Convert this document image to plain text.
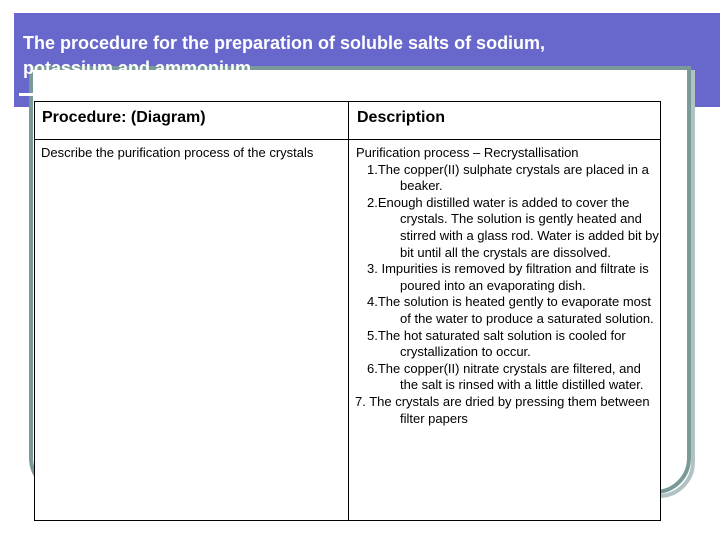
The procedure for the preparation of soluble salts of sodium,
potassium and ammonium
Procedure: (Diagram)	Description
Describe the purification process of the crystals	Purification process – Recrystallisation

1.The copper(II) sulphate crystals are placed in a beaker.

2.Enough distilled water is added to cover the crystals. The solution is gently heated and stirred with a glass rod. Water is added bit by bit until all the crystals are dissolved.

3. Impurities is removed by filtration and filtrate is poured into an evaporating dish.

4.The solution is heated gently to evaporate most of the water to produce a saturated solution.

5.The hot saturated salt solution is cooled for crystallization to occur.

6.The copper(II) nitrate crystals are filtered, and the salt is rinsed with a little distilled water.

7. The crystals are dried by pressing them between filter papers
